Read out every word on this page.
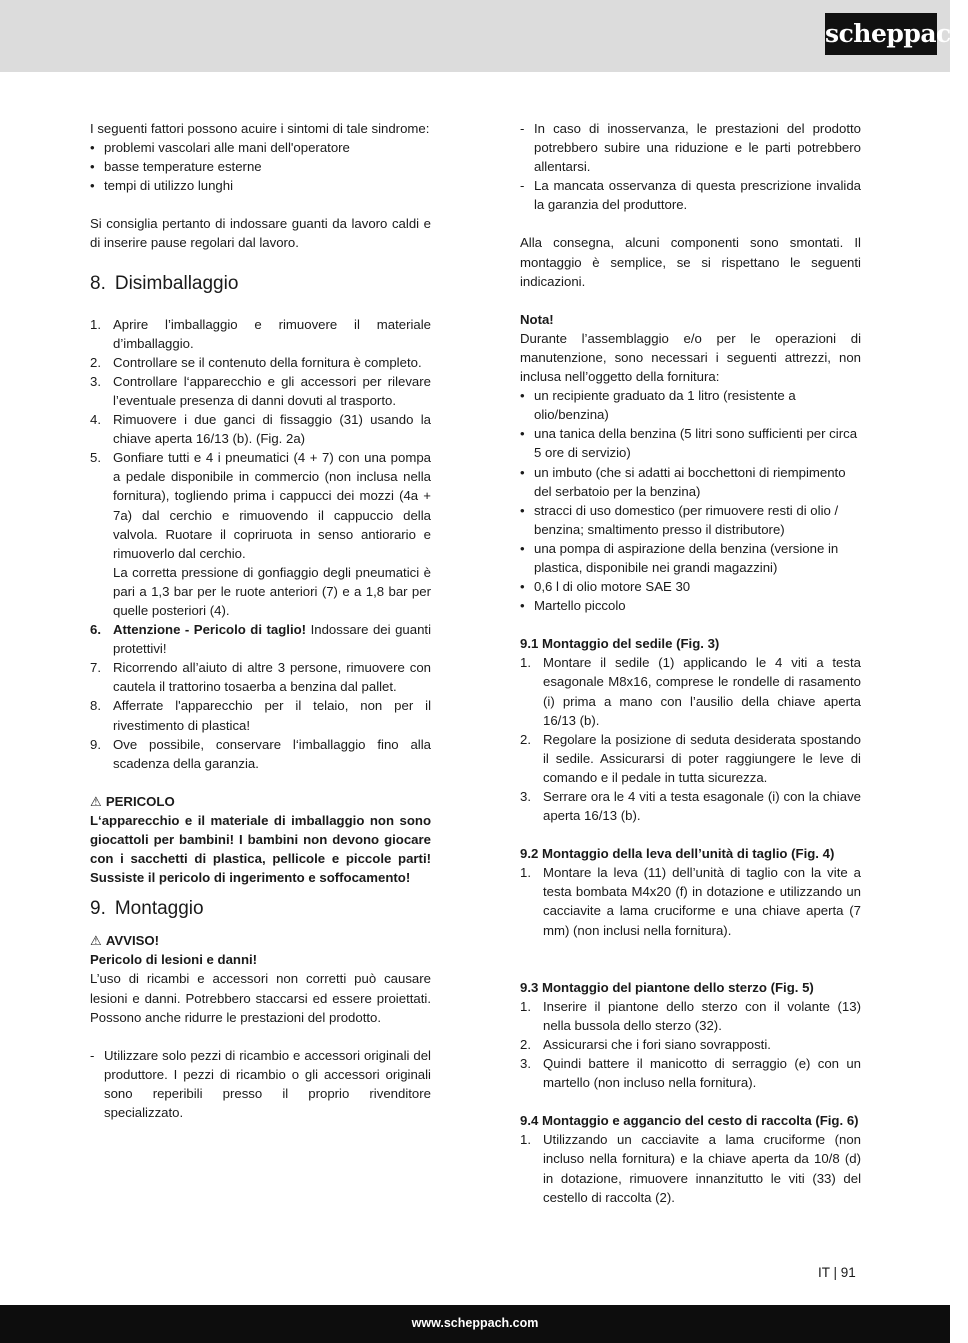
scheppach

I seguenti fattori possono acuire i sintomi di tale sindrome:

• problemi vascolari alle mani dell'operatore
• basse temperature esterne
• tempi di utilizzo lunghi

Si consiglia pertanto di indossare guanti da lavoro caldi e di inserire pause regolari dal lavoro.

8. Disimballaggio
1. Aprire l’imballaggio e rimuovere il materiale d’imballaggio.
2. Controllare se il contenuto della fornitura è completo.
3. Controllare l‘apparecchio e gli accessori per rilevare l’eventuale presenza di danni dovuti al trasporto.
4. Rimuovere i due ganci di fissaggio (31) usando la chiave aperta 16/13 (b). (Fig. 2a)
5. Gonfiare tutti e 4 i pneumatici (4 + 7) con una pompa a pedale disponibile in commercio (non inclusa nella fornitura), togliendo prima i cappucci dei mozzi (4a + 7a) dal cerchio e rimuovendo il cappuccio della valvola. Ruotare il copriruota in senso antiorario e rimuoverlo dal cerchio.
La corretta pressione di gonfiaggio degli pneumatici è pari a 1,3 bar per le ruote anteriori (7) e a 1,8 bar per quelle posteriori (4).
6. Attenzione - Pericolo di taglio! Indossare dei guanti protettivi!
7. Ricorrendo all’aiuto di altre 3 persone, rimuovere con cautela il trattorino tosaerba a benzina dal pallet.
8. Afferrate l'apparecchio per il telaio, non per il rivestimento di plastica!
9. Ove possibile, conservare l‘imballaggio fino alla scadenza della garanzia.

⚠ PERICOLO

L‘apparecchio e il materiale di imballaggio non sono giocattoli per bambini! I bambini non devono giocare con i sacchetti di plastica, pellicole e piccole parti! Sussiste il pericolo di ingerimento e soffocamento!

9. Montaggio

⚠ AVVISO!

Pericolo di lesioni e danni!

L’uso di ricambi e accessori non corretti può causare lesioni e danni. Potrebbero staccarsi ed essere proiettati. Possono anche ridurre le prestazioni del prodotto.

- Utilizzare solo pezzi di ricambio e accessori originali del produttore. I pezzi di ricambio o gli accessori originali sono reperibili presso il proprio rivenditore specializzato.
- In caso di inosservanza, le prestazioni del prodotto potrebbero subire una riduzione e le parti potrebbero allentarsi.
- La mancata osservanza di questa prescrizione invalida la garanzia del produttore.

Alla consegna, alcuni componenti sono smontati. Il montaggio è semplice, se si rispettano le seguenti indicazioni.

Nota!

Durante l’assemblaggio e/o per le operazioni di manutenzione, sono necessari i seguenti attrezzi, non inclusa nell’oggetto della fornitura:

• un recipiente graduato da 1 litro (resistente a olio/benzina)
• una tanica della benzina (5 litri sono sufficienti per circa 5 ore di servizio)
• un imbuto (che si adatti ai bocchettoni di riempimento del serbatoio per la benzina)
• stracci di uso domestico (per rimuovere resti di olio / benzina; smaltimento presso il distributore)
• una pompa di aspirazione della benzina (versione in plastica, disponibile nei grandi magazzini)
• 0,6 l di olio motore SAE 30
• Martello piccolo

9.1 Montaggio del sedile (Fig. 3)

1. Montare il sedile (1) applicando le 4 viti a testa esagonale M8x16, comprese le rondelle di rasamento (i) prima a mano con l’ausilio della chiave aperta 16/13 (b).
2. Regolare la posizione di seduta desiderata spostando il sedile. Assicurarsi di poter raggiungere le leve di comando e il pedale in tutta sicurezza.
3. Serrare ora le 4 viti a testa esagonale (i) con la chiave aperta 16/13 (b).

9.2 Montaggio della leva dell’unità di taglio (Fig. 4)

1. Montare la leva (11) dell’unità di taglio con la vite a testa bombata M4x20 (f) in dotazione e utilizzando un cacciavite a lama cruciforme e una chiave aperta (7 mm) (non inclusi nella fornitura).

9.3 Montaggio del piantone dello sterzo (Fig. 5)

1. Inserire il piantone dello sterzo con il volante (13) nella bussola dello sterzo (32).
2. Assicurarsi che i fori siano sovrapposti.
3. Quindi battere il manicotto di serraggio (e) con un martello (non incluso nella fornitura).

9.4 Montaggio e aggancio del cesto di raccolta (Fig. 6)

1. Utilizzando un cacciavite a lama cruciforme (non incluso nella fornitura) e la chiave aperta da 10/8 (d) in dotazione, rimuovere innanzitutto le viti (33) del cestello di raccolta (2).
IT | 91
www.scheppach.com
